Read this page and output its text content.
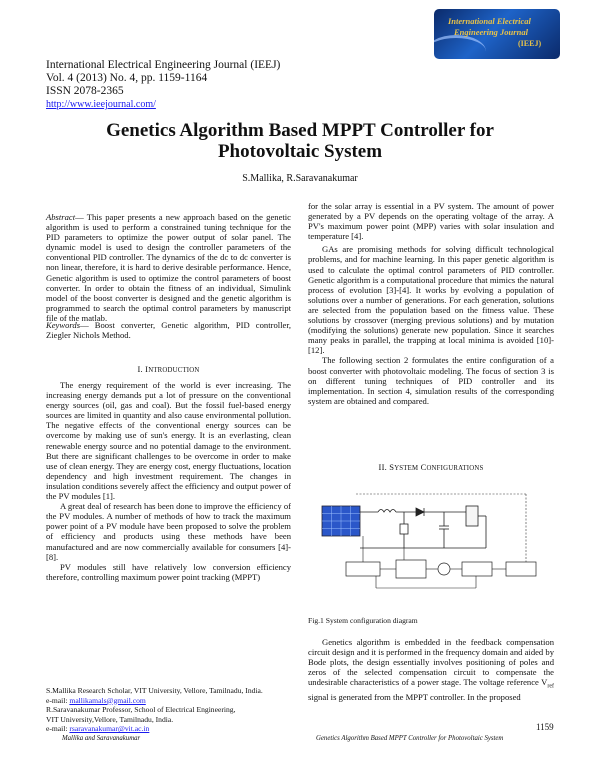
International Electrical
Engineering Journal
(IEEJ)
International Electrical Engineering Journal (IEEJ)
Vol. 4 (2013) No. 4, pp. 1159-1164
ISSN 2078-2365
http://www.ieejournal.com/
Genetics Algorithm Based MPPT Controller for
Photovoltaic System
S.Mallika, R.Saravanakumar

Abstract— This paper presents a new approach based on the genetic algorithm is used to perform a constrained tuning technique for the PID parameters to optimize the power output of solar panel. The dynamic model is used to design the controller parameters of the conventional PID controller. The dynamics of the dc to dc converter is non linear, therefore, it is hard to derive desirable performance. Hence, Genetic algorithm is used to optimize the control parameters of boost converter. In order to obtain the fitness of an individual, Simulink model of the boost converter is designed and the genetic algorithm is programmed to search the optimal control parameters by manuscript file of the matlab.

Keywords— Boost converter, Genetic algorithm, PID controller, Ziegler Nichols Method.

I. INTRODUCTION

The energy requirement of the world is ever increasing. The increasing energy demands put a lot of pressure on the conventional energy sources (oil, gas and coal). But the fossil fuel-based energy sources are limited in quantity and also cause environmental pollution. The negative effects of the conventional energy sources can be overcome by making use of sun's energy. It is an everlasting, clean renewable energy source and no potential damage to the environment. But there are significant challenges to be overcome in order to make use of clean energy. They are energy cost, energy fluctuations, location dependency and high investment requirement. The changes in insulation conditions severely affect the efficiency and output power of the PV modules [1].

A great deal of research has been done to improve the efficiency of the PV modules. A number of methods of how to track the maximum power point of a PV module have been proposed to solve the problem of efficiency and products using these methods have been manufactured and are now commercially available for consumers [4]-[8].

PV modules still have relatively low conversion efficiency therefore, controlling maximum power point tracking (MPPT)

S.Mallika Research Scholar, VIT University, Vellore, Tamilnadu, India.
e-mail: mallikamals@gmail.com
R.Saravanakumar Professor, School of Electrical Engineering,
VIT University,Vellore, Tamilnadu, India.
e-mail: rsaravanakumar@vit.ac.in

for the solar array is essential in a PV system. The amount of power generated by a PV depends on the operating voltage of the array. A PV's maximum power point (MPP) varies with solar insulation and temperature [4].

GAs are promising methods for solving difficult technological problems, and for machine learning. In this paper genetic algorithm is used to calculate the optimal control parameters of PID controller. Genetic algorithm is a computational procedure that mimics the natural process of evolution [3]-[4]. It works by evolving a population of solutions over a number of generations. For each generation, solutions are selected from the population based on the fitness value. These solutions by crossover (merging previous solutions) and by mutation (modifying the solutions) generate new population. Since it searches many peaks in parallel, the trapping at local minima is avoided [10]-[12].

The following section 2 formulates the entire configuration of a boost converter with photovoltaic modeling. The focus of section 3 is on different tuning techniques of PID controller and its implementation. In section 4, simulation results of the corresponding system are obtained and compared.

II. SYSTEM CONFIGURATIONS
Fig.1 System configuration diagram

Genetics algorithm is embedded in the feedback compensation circuit design and it is performed in the frequency domain and aided by Bode plots, the design essentially involves positioning of poles and zeros of the selected compensation circuit to compensate the undesirable characteristics of a power stage. The voltage reference $V_{ref}$ signal is generated from the MPPT controller. In the proposed

1159
Mallika and Saravanakumar	Genetics Algorithm Based MPPT Controller for Photovoltaic System
